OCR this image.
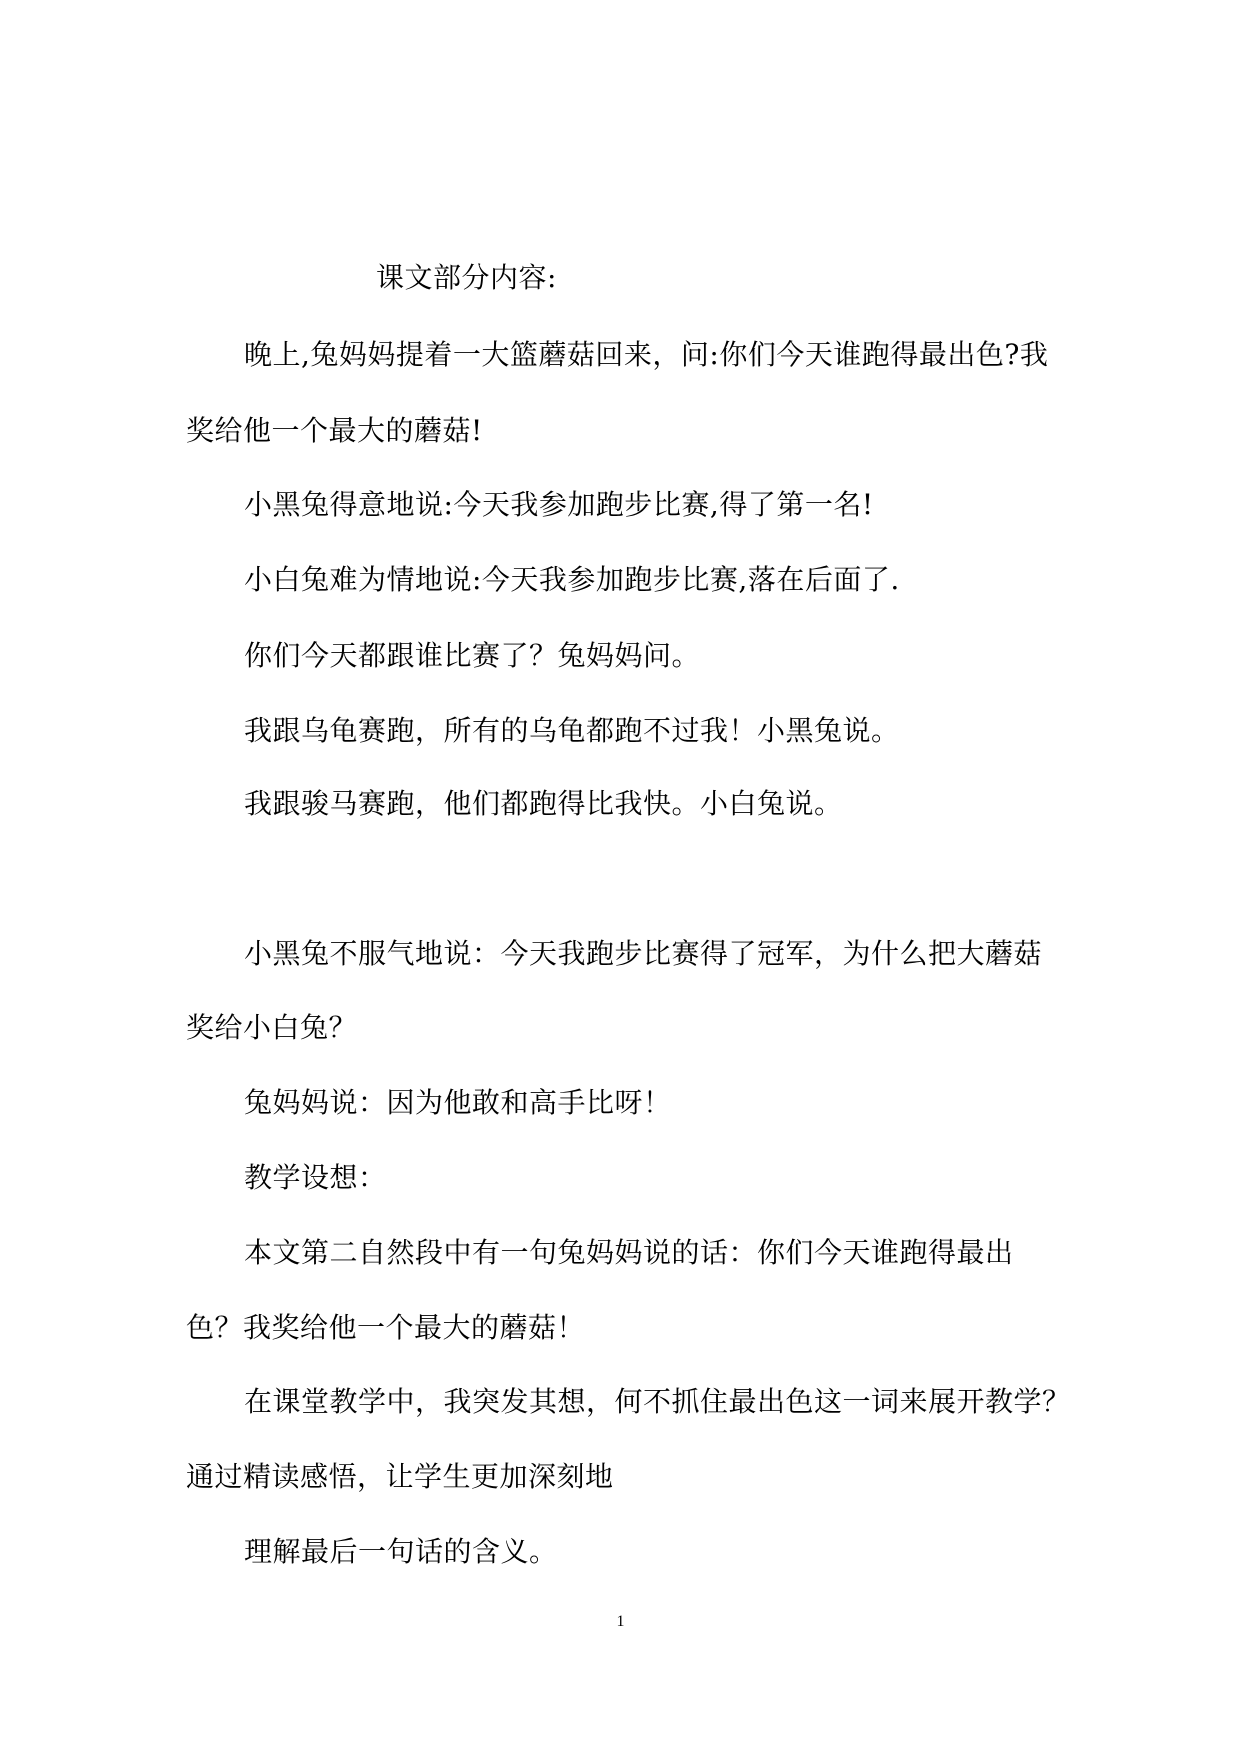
课文部分内容:
晚上,兔妈妈提着一大篮蘑菇回来，问:你们今天谁跑得最出色?我
奖给他一个最大的蘑菇!
小黑兔得意地说:今天我参加跑步比赛,得了第一名!
小白兔难为情地说:今天我参加跑步比赛,落在后面了.
你们今天都跟谁比赛了？兔妈妈问。
我跟乌龟赛跑，所有的乌龟都跑不过我！小黑兔说。
我跟骏马赛跑，他们都跑得比我快。小白兔说。
小黑兔不服气地说：今天我跑步比赛得了冠军，为什么把大蘑菇
奖给小白兔？
兔妈妈说：因为他敢和高手比呀！
教学设想：
本文第二自然段中有一句兔妈妈说的话：你们今天谁跑得最出
色？我奖给他一个最大的蘑菇！
在课堂教学中，我突发其想，何不抓住最出色这一词来展开教学？
通过精读感悟，让学生更加深刻地
理解最后一句话的含义。
1
